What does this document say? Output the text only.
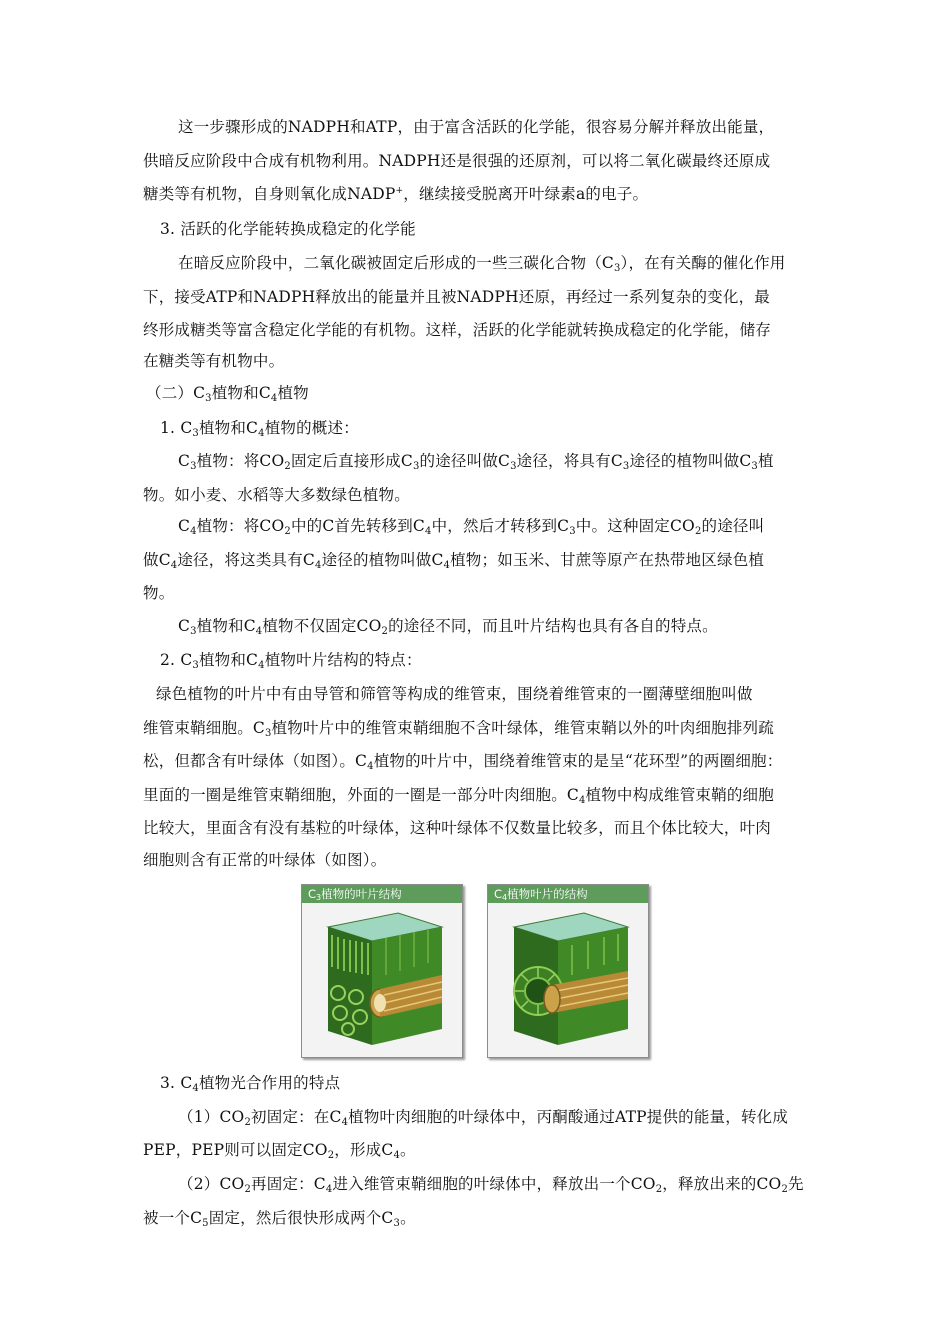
这一步骤形成的NADPH和ATP，由于富含活跃的化学能，很容易分解并释放出能量，
供暗反应阶段中合成有机物利用。NADPH还是很强的还原剂，可以将二氧化碳最终还原成
糖类等有机物，自身则氧化成NADP+，继续接受脱离开叶绿素a的电子。
3. 活跃的化学能转换成稳定的化学能
在暗反应阶段中，二氧化碳被固定后形成的一些三碳化合物$(C_3)$，在有关酶的催化作用
下，接受ATP和NADPH释放出的能量并且被NADPH还原，再经过一系列复杂的变化，最
终形成糖类等富含稳定化学能的有机物。这样，活跃的化学能就转换成稳定的化学能，储存
在糖类等有机物中。
（二）$C_3$植物和$C_4$植物
1. $C_3$植物和$C_4$植物的概述：
$C_3$植物：将$CO_2$固定后直接形成$C_3$的途径叫做$C_3$途径，将具有$C_3$途径的植物叫做$C_3$植
物。如小麦、水稻等大多数绿色植物。
$C_4$植物：将$CO_2$中的C首先转移到$C_4$中，然后才转移到$C_3$中。这种固定$CO_2$的途径叫
做$C_4$途径，将这类具有$C_4$途径的植物叫做$C_4$植物；如玉米、甘蔗等原产在热带地区绿色植
物。
$C_3$植物和$C_4$植物不仅固定$CO_2$的途径不同，而且叶片结构也具有各自的特点。
2. $C_3$植物和$C_4$植物叶片结构的特点：
绿色植物的叶片中有由导管和筛管等构成的维管束，围绕着维管束的一圈薄壁细胞叫做
维管束鞘细胞。$C_3$植物叶片中的维管束鞘细胞不含叶绿体，维管束鞘以外的叶肉细胞排列疏
松，但都含有叶绿体（如图）。$C_4$植物的叶片中，围绕着维管束的是呈“花环型”的两圈细胞：
里面的一圈是维管束鞘细胞，外面的一圈是一部分叶肉细胞。$C_4$植物中构成维管束鞘的细胞
比较大，里面含有没有基粒的叶绿体，这种叶绿体不仅数量比较多，而且个体比较大，叶肉
细胞则含有正常的叶绿体（如图）。
$C_3$植物的叶片结构	$C_4$植物叶片的结构
3. $C_4$植物光合作用的特点
$(1)CO_2$初固定：在$C_4$植物叶肉细胞的叶绿体中，丙酮酸通过ATP提供的能量，转化成
PEP，PEP则可以固定$CO_2$，形成$C_4$。
$(2)CO_2$再固定：$C_4$进入维管束鞘细胞的叶绿体中，释放出一个$CO_2$，释放出来的$CO_2$先
被一个$C_5$固定，然后很快形成两个$C_3$。
